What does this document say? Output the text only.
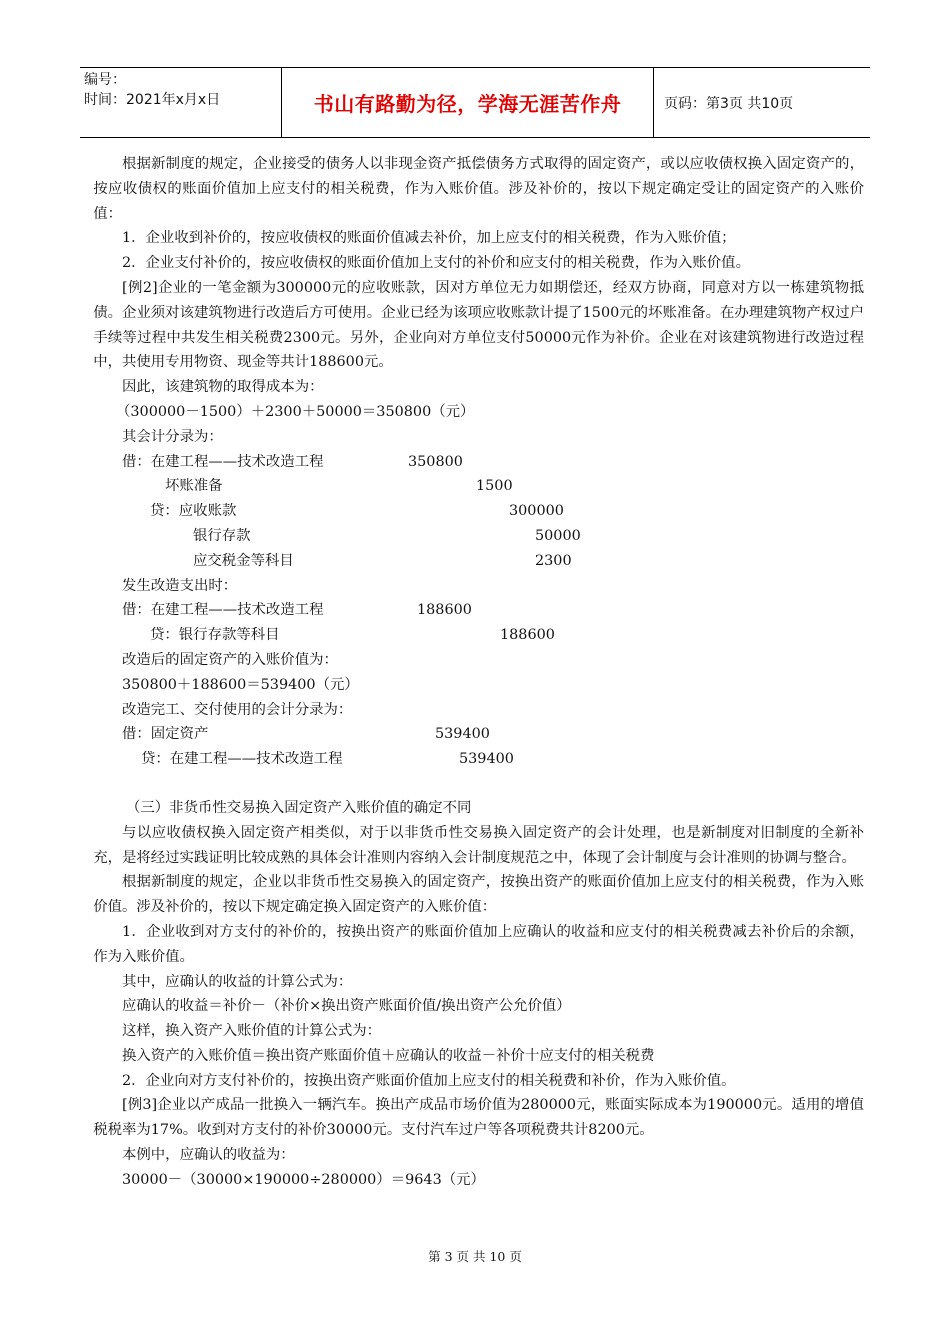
编号：
时间：2021年x月x日	书山有路勤为径，学海无涯苦作舟	页码：第3页 共10页

根据新制度的规定，企业接受的债务人以非现金资产抵偿债务方式取得的固定资产，或以应收债权换入固定资产的，按应收债权的账面价值加上应支付的相关税费，作为入账价值。涉及补价的，按以下规定确定受让的固定资产的入账价值：

1．企业收到补价的，按应收债权的账面价值减去补价，加上应支付的相关税费，作为入账价值；

2．企业支付补价的，按应收债权的账面价值加上支付的补价和应支付的相关税费，作为入账价值。

[例2]企业的一笔金额为300000元的应收账款，因对方单位无力如期偿还，经双方协商，同意对方以一栋建筑物抵债。企业须对该建筑物进行改造后方可使用。企业已经为该项应收账款计提了1500元的坏账准备。在办理建筑物产权过户手续等过程中共发生相关税费2300元。另外，企业向对方单位支付50000元作为补价。企业在对该建筑物进行改造过程中，共使用专用物资、现金等共计188600元。

因此，该建筑物的取得成本为：

（300000－1500）＋2300＋50000＝350800（元）

其会计分录为：

借：在建工程——技术改造工程	350800
坏账准备	1500
贷：应收账款	300000
银行存款	50000
应交税金等科目	2300

发生改造支出时：

借：在建工程——技术改造工程	188600
贷：银行存款等科目	188600

改造后的固定资产的入账价值为：

350800＋188600＝539400（元）

改造完工、交付使用的会计分录为：

借：固定资产	539400
贷：在建工程——技术改造工程	539400

（三）非货币性交易换入固定资产入账价值的确定不同

与以应收债权换入固定资产相类似，对于以非货币性交易换入固定资产的会计处理，也是新制度对旧制度的全新补充，是将经过实践证明比较成熟的具体会计准则内容纳入会计制度规范之中，体现了会计制度与会计准则的协调与整合。

根据新制度的规定，企业以非货币性交易换入的固定资产，按换出资产的账面价值加上应支付的相关税费，作为入账价值。涉及补价的，按以下规定确定换入固定资产的入账价值：

1．企业收到对方支付的补价的，按换出资产的账面价值加上应确认的收益和应支付的相关税费减去补价后的余额，作为入账价值。

其中，应确认的收益的计算公式为：

应确认的收益＝补价－（补价×换出资产账面价值/换出资产公允价值）

这样，换入资产入账价值的计算公式为：

换入资产的入账价值＝换出资产账面价值＋应确认的收益－补价十应支付的相关税费

2．企业向对方支付补价的，按换出资产账面价值加上应支付的相关税费和补价，作为入账价值。

[例3]企业以产成品一批换入一辆汽车。换出产成品市场价值为280000元，账面实际成本为190000元。适用的增值税税率为17%。收到对方支付的补价30000元。支付汽车过户等各项税费共计8200元。

本例中，应确认的收益为：

30000－（30000×190000÷280000）＝9643（元）

第 3 页 共 10 页
